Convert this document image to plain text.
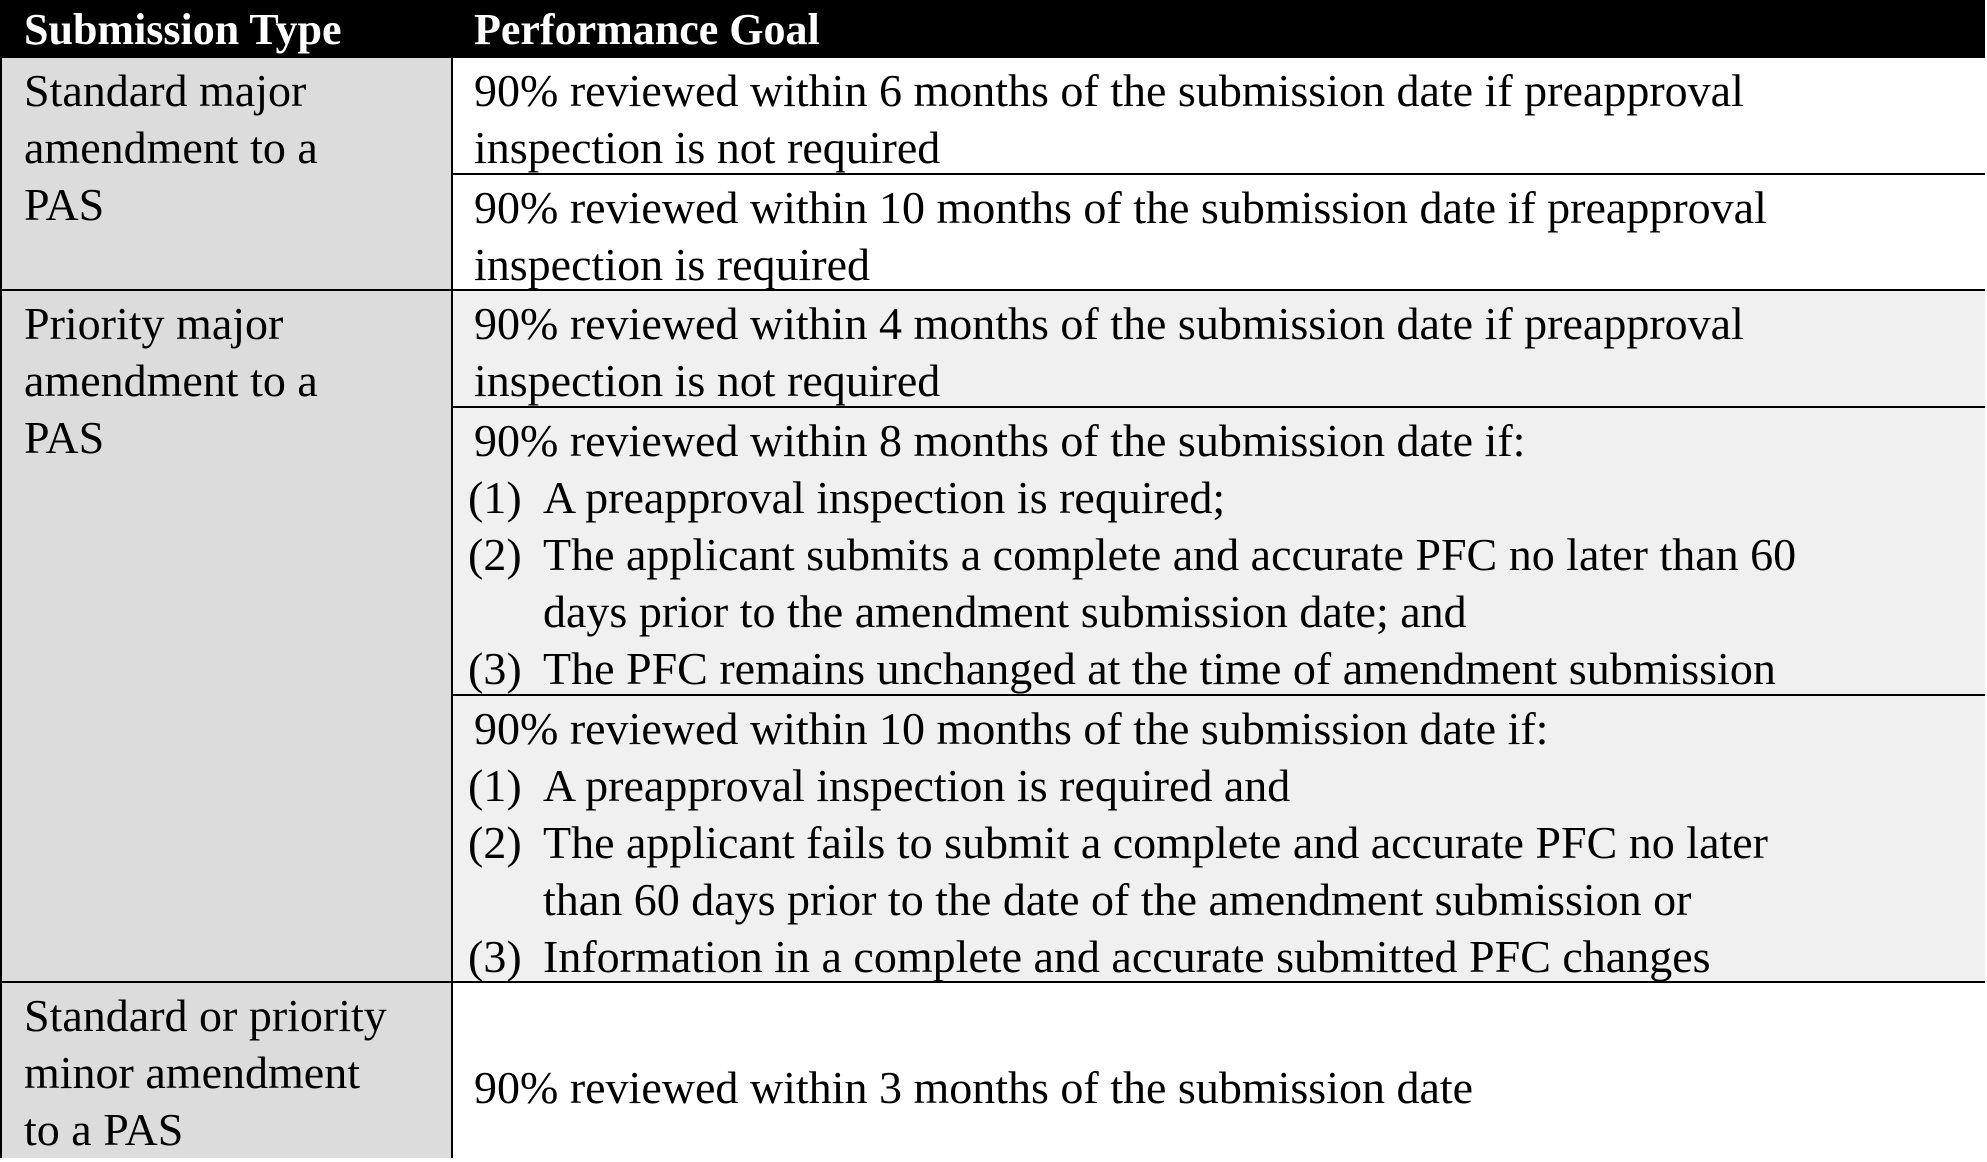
Submission Type	Performance Goal
Standard major
amendment to a
PAS
90% reviewed within 6 months of the submission date if preapproval
inspection is not required
90% reviewed within 10 months of the submission date if preapproval
inspection is required
Priority major
amendment to a
PAS
90% reviewed within 4 months of the submission date if preapproval
inspection is not required
90% reviewed within 8 months of the submission date if:
(1) A preapproval inspection is required;
(2) The applicant submits a complete and accurate PFC no later than 60
days prior to the amendment submission date; and
(3) The PFC remains unchanged at the time of amendment submission
90% reviewed within 10 months of the submission date if:
(1) A preapproval inspection is required and
(2) The applicant fails to submit a complete and accurate PFC no later
than 60 days prior to the date of the amendment submission or
(3) Information in a complete and accurate submitted PFC changes
Standard or priority
minor amendment
to a PAS
90% reviewed within 3 months of the submission date
